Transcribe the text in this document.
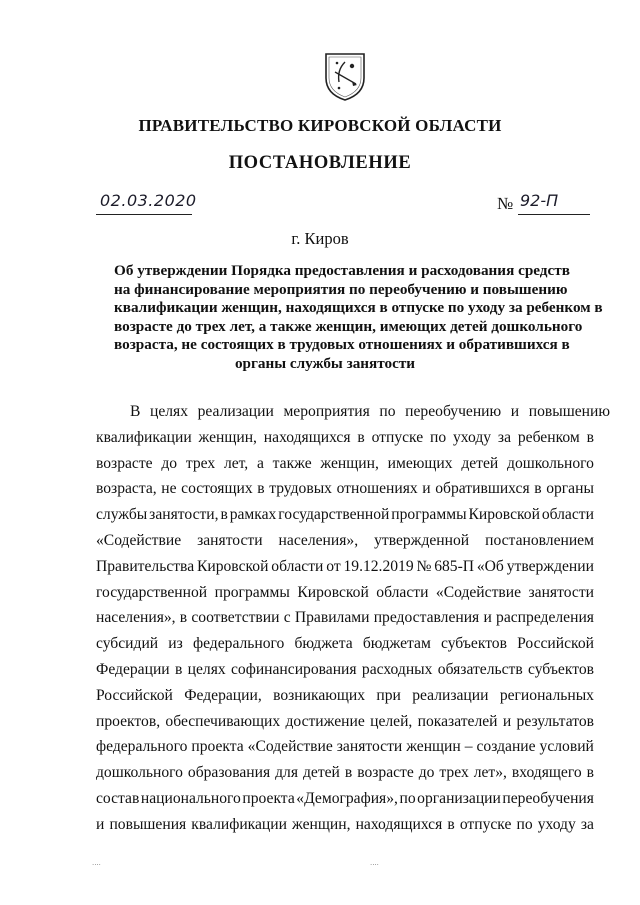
ПРАВИТЕЛЬСТВО КИРОВСКОЙ ОБЛАСТИ
ПОСТАНОВЛЕНИЕ
02.03.2020	№ 92-П
г. Киров
Об утверждении Порядка предоставления и расходования средств
на финансирование мероприятия по переобучению и повышению
квалификации женщин, находящихся в отпуске по уходу за ребенком в
возрасте до трех лет, а также женщин, имеющих детей дошкольного
возраста, не состоящих в трудовых отношениях и обратившихся в
органы службы занятости
В целях реализации мероприятия по переобучению и повышению
квалификации женщин, находящихся в отпуске по уходу за ребенком в
возрасте до трех лет, а также женщин, имеющих детей дошкольного
возраста, не состоящих в трудовых отношениях и обратившихся в органы
службы занятости, в рамках государственной программы Кировской области
«Содействие занятости населения», утвержденной постановлением
Правительства Кировской области от 19.12.2019 № 685-П «Об утверждении
государственной программы Кировской области «Содействие занятости
населения», в соответствии с Правилами предоставления и распределения
субсидий из федерального бюджета бюджетам субъектов Российской
Федерации в целях софинансирования расходных обязательств субъектов
Российской Федерации, возникающих при реализации региональных
проектов, обеспечивающих достижение целей, показателей и результатов
федерального проекта «Содействие занятости женщин – создание условий
дошкольного образования для детей в возрасте до трех лет», входящего в
состав национального проекта «Демография», по организации переобучения
и повышения квалификации женщин, находящихся в отпуске по уходу за
··‧·	·‧··
